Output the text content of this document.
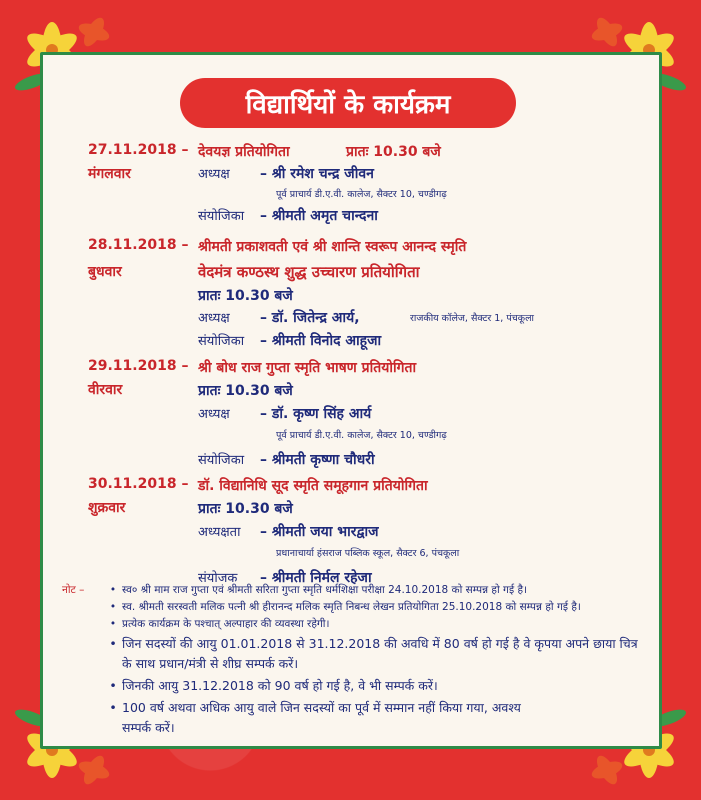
विद्यार्थियों के कार्यक्रम
27.11.2018 –
मंगलवार
देवयज्ञ प्रतियोगिता	प्रातः 10.30 बजे
अध्यक्ष – श्री रमेश चन्द्र जीवन
पूर्व प्राचार्य डी.ए.वी. कालेज, सैक्टर 10, चण्डीगढ़
संयोजिका – श्रीमती अमृत चान्दना
28.11.2018 –
बुधवार
श्रीमती प्रकाशवती एवं श्री शान्ति स्वरूप आनन्द स्मृति
वेदमंत्र कण्ठस्थ शुद्ध उच्चारण प्रतियोगिता
प्रातः 10.30 बजे
अध्यक्ष – डॉ. जितेन्द्र आर्य,	राजकीय कॉलेज, सैक्टर 1, पंचकूला
संयोजिका – श्रीमती विनोद आहूजा
29.11.2018 –
वीरवार
श्री बोध राज गुप्ता स्मृति भाषण प्रतियोगिता
प्रातः 10.30 बजे
अध्यक्ष – डॉ. कृष्ण सिंह आर्य
पूर्व प्राचार्य डी.ए.वी. कालेज, सैक्टर 10, चण्डीगढ़
संयोजिका – श्रीमती कृष्णा चौधरी
30.11.2018 –
शुक्रवार
डॉ. विद्यानिधि सूद स्मृति समूहगान प्रतियोगिता
प्रातः 10.30 बजे
अध्यक्षता – श्रीमती जया भारद्वाज
प्रधानाचार्या हंसराज पब्लिक स्कूल, सैक्टर 6, पंचकूला
संयोजक – श्रीमती निर्मल रहेजा
नोट –	• स्व० श्री माम राज गुप्ता एवं श्रीमती सरिता गुप्ता स्मृति धर्मशिक्षा परीक्षा 24.10.2018 को सम्पन्न हो गई है।
• स्व. श्रीमती सरस्वती मलिक पत्नी श्री हीरानन्द मलिक स्मृति निबन्ध लेखन प्रतियोगिता 25.10.2018 को सम्पन्न हो गई है।
• प्रत्येक कार्यक्रम के पश्चात् अल्पाहार की व्यवस्था रहेगी।
• जिन सदस्यों की आयु 01.01.2018 से 31.12.2018 की अवधि में 80 वर्ष हो गई है वे कृपया अपने छाया चित्र के साथ प्रधान/मंत्री से शीघ्र सम्पर्क करें।
• जिनकी आयु 31.12.2018 को 90 वर्ष हो गई है, वे भी सम्पर्क करें।
• 100 वर्ष अथवा अधिक आयु वाले जिन सदस्यों का पूर्व में सम्मान नहीं किया गया, अवश्य सम्पर्क करें।
